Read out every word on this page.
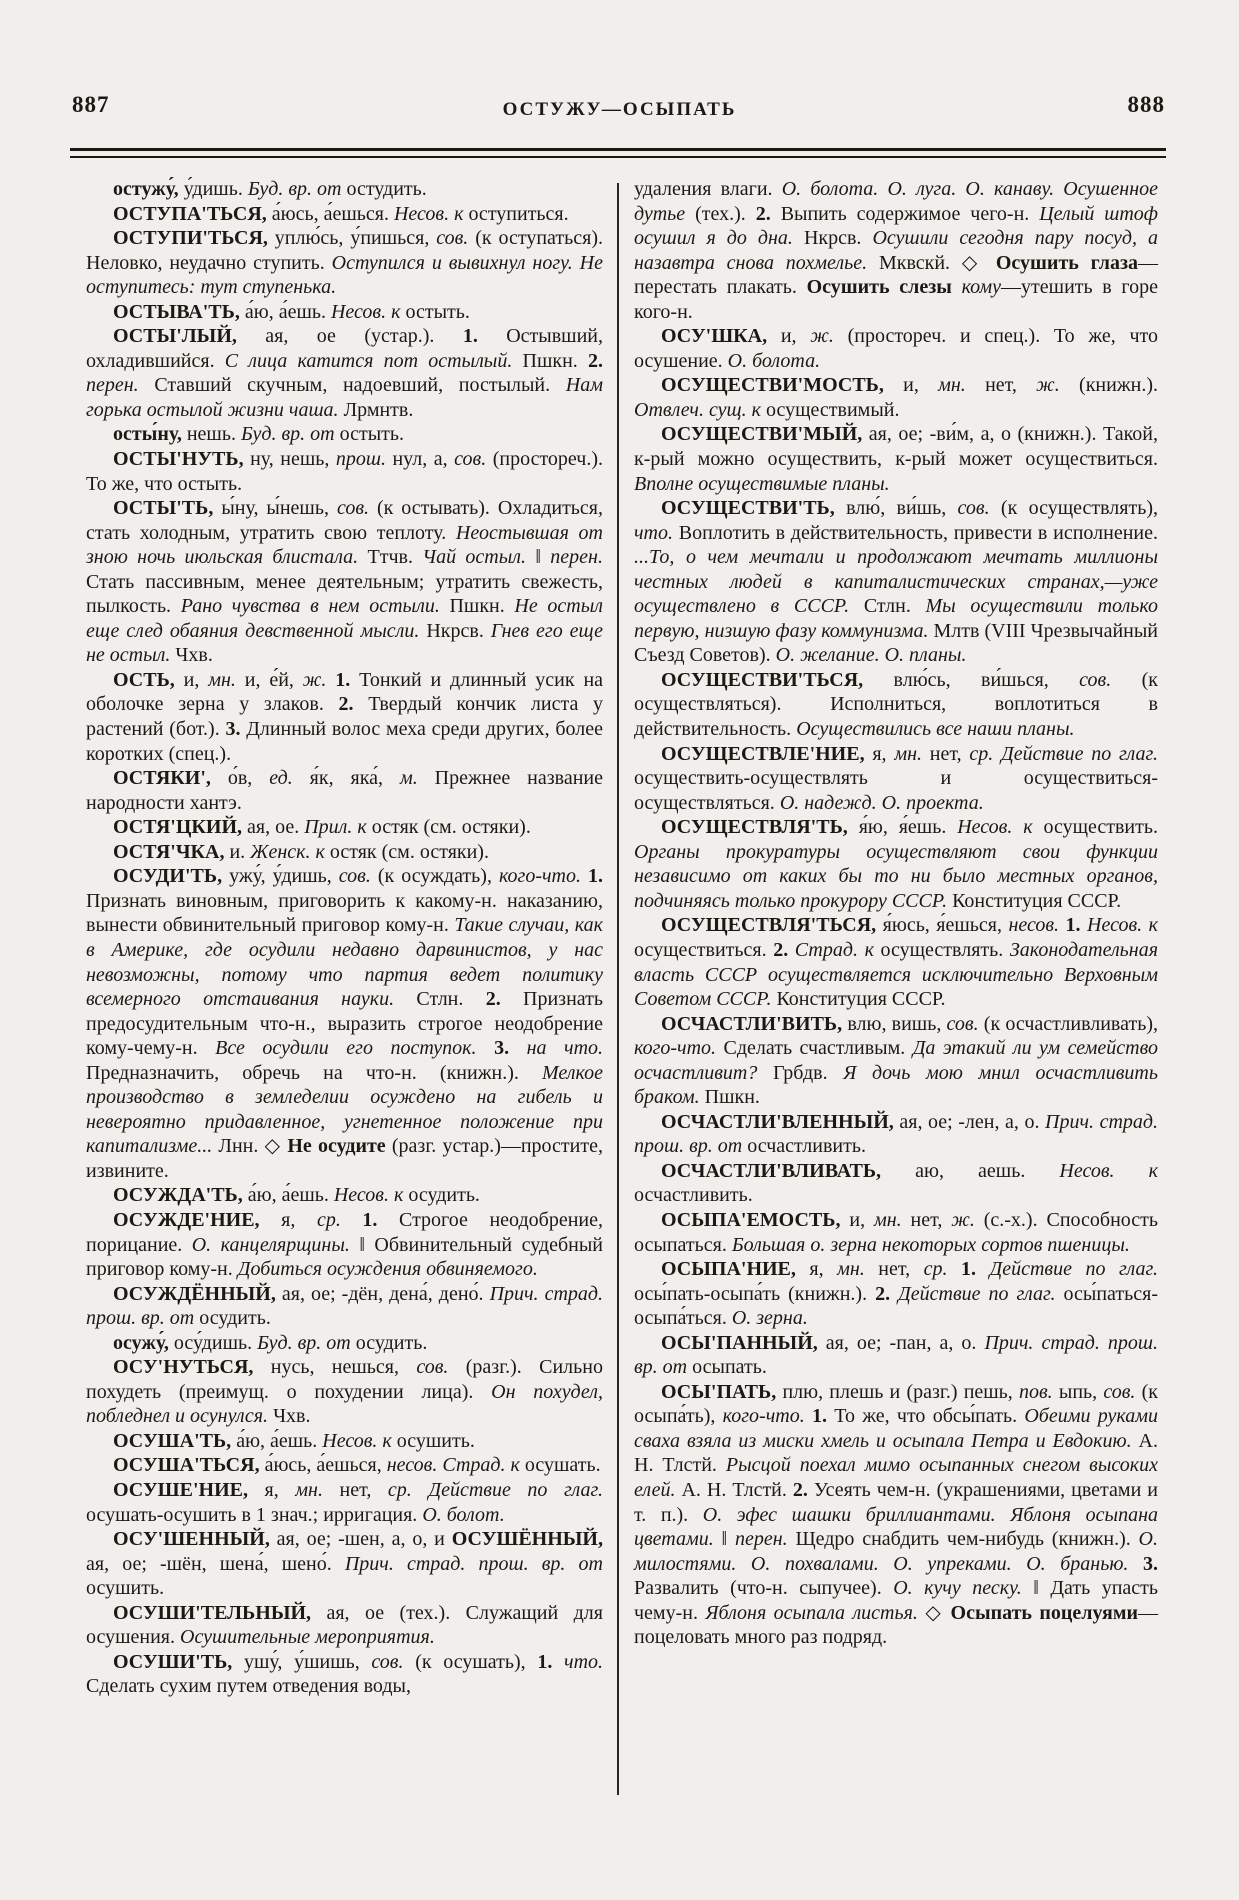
887	ОСТУЖУ—ОСЫПАТЬ	888

остужу́, у́дишь. Буд. вр. от остудить.

ОСТУПА'ТЬСЯ, а́юсь, а́ешься. Несов. к оступиться.

ОСТУПИ'ТЬСЯ, уплю́сь, у́пишься, сов. (к оступаться). Неловко, неудачно ступить. Оступился и вывихнул ногу. Не оступитесь: тут ступенька.

ОСТЫВА'ТЬ, а́ю, а́ешь. Несов. к остыть.

ОСТЫ'ЛЫЙ, ая, ое (устар.). 1. Остывший, охладившийся. С лица катится пот остылый. Пшкн. 2. перен. Ставший скучным, надоевший, постылый. Нам горька остылой жизни чаша. Лрмнтв.

осты́ну, нешь. Буд. вр. от остыть.

ОСТЫ'НУТЬ, ну, нешь, прош. нул, а, сов. (простореч.). То же, что остыть.

ОСТЫ'ТЬ, ы́ну, ы́нешь, сов. (к остывать). Охладиться, стать холодным, утратить свою теплоту. Неостывшая от зною ночь июльская блистала. Ттчв. Чай остыл. ‖ перен. Стать пассивным, менее деятельным; утратить свежесть, пылкость. Рано чувства в нем остыли. Пшкн. Не остыл еще след обаяния девственной мысли. Нкрсв. Гнев его еще не остыл. Чхв.

ОСТЬ, и, мн. и, е́й, ж. 1. Тонкий и длинный усик на оболочке зерна у злаков. 2. Твердый кончик листа у растений (бот.). 3. Длинный волос меха среди других, более коротких (спец.).

ОСТЯКИ', о́в, ед. я́к, яка́, м. Прежнее название народности хантэ.

ОСТЯ'ЦКИЙ, ая, ое. Прил. к остяк (см. остяки).

ОСТЯ'ЧКА, и. Женск. к остяк (см. остяки).

ОСУДИ'ТЬ, ужу́, у́дишь, сов. (к осуждать), кого-что. 1. Признать виновным, приговорить к какому-н. наказанию, вынести обвинительный приговор кому-н. Такие случаи, как в Америке, где осудили недавно дарвинистов, у нас невозможны, потому что партия ведет политику всемерного отстаивания науки. Стлн. 2. Признать предосудительным что-н., выразить строгое неодобрение кому-чему-н. Все осудили его поступок. 3. на что. Предназначить, обречь на что-н. (книжн.). Мелкое производство в земледелии осуждено на гибель и невероятно придавленное, угнетенное положение при капитализме... Лнн. ◇ Не осудите (разг. устар.)—простите, извините.

ОСУЖДА'ТЬ, а́ю, а́ешь. Несов. к осудить.

ОСУЖДЕ'НИЕ, я, ср. 1. Строгое неодобрение, порицание. О. канцелярщины. ‖ Обвинительный судебный приговор кому-н. Добиться осуждения обвиняемого.

ОСУЖДЁННЫЙ, ая, ое; -дён, дена́, дено́. Прич. страд. прош. вр. от осудить.

осужу́, осу́дишь. Буд. вр. от осудить.

ОСУ'НУТЬСЯ, нусь, нешься, сов. (разг.). Сильно похудеть (преимущ. о похудении лица). Он похудел, побледнел и осунулся. Чхв.

ОСУША'ТЬ, а́ю, а́ешь. Несов. к осушить.

ОСУША'ТЬСЯ, а́юсь, а́ешься, несов. Страд. к осушать.

ОСУШЕ'НИЕ, я, мн. нет, ср. Действие по глаг. осушать-осушить в 1 знач.; ирригация. О. болот.

ОСУ'ШЕННЫЙ, ая, ое; -шен, а, о, и ОСУШЁННЫЙ, ая, ое; -шён, шена́, шено́. Прич. страд. прош. вр. от осушить.

ОСУШИ'ТЕЛЬНЫЙ, ая, ое (тех.). Служащий для осушения. Осушительные мероприятия.

ОСУШИ'ТЬ, ушу́, у́шишь, сов. (к осушать), 1. что. Сделать сухим путем отведения воды,

удаления влаги. О. болота. О. луга. О. канаву. Осушенное дутье (тех.). 2. Выпить содержимое чего-н. Целый штоф осушил я до дна. Нкрсв. Осушили сегодня пару посуд, а назавтра снова похмелье. Мквскй. ◇ Осушить глаза—перестать плакать. Осушить слезы кому—утешить в горе кого-н.

ОСУ'ШКА, и, ж. (простореч. и спец.). То же, что осушение. О. болота.

ОСУЩЕСТВИ'МОСТЬ, и, мн. нет, ж. (книжн.). Отвлеч. сущ. к осуществимый.

ОСУЩЕСТВИ'МЫЙ, ая, ое; -ви́м, а, о (книжн.). Такой, к-рый можно осуществить, к-рый может осуществиться. Вполне осуществимые планы.

ОСУЩЕСТВИ'ТЬ, влю́, ви́шь, сов. (к осуществлять), что. Воплотить в действительность, привести в исполнение. ...То, о чем мечтали и продолжают мечтать миллионы честных людей в капиталистических странах,—уже осуществлено в СССР. Стлн. Мы осуществили только первую, низшую фазу коммунизма. Млтв (VIII Чрезвычайный Съезд Советов). О. желание. О. планы.

ОСУЩЕСТВИ'ТЬСЯ, влю́сь, ви́шься, сов. (к осуществляться). Исполниться, воплотиться в действительность. Осуществились все наши планы.

ОСУЩЕСТВЛЕ'НИЕ, я, мн. нет, ср. Действие по глаг. осуществить-осуществлять и осуществиться-осуществляться. О. надежд. О. проекта.

ОСУЩЕСТВЛЯ'ТЬ, я́ю, я́ешь. Несов. к осуществить. Органы прокуратуры осуществляют свои функции независимо от каких бы то ни было местных органов, подчиняясь только прокурору СССР. Конституция СССР.

ОСУЩЕСТВЛЯ'ТЬСЯ, я́юсь, я́ешься, несов. 1. Несов. к осуществиться. 2. Страд. к осуществлять. Законодательная власть СССР осуществляется исключительно Верховным Советом СССР. Конституция СССР.

ОСЧАСТЛИ'ВИТЬ, влю, вишь, сов. (к осчастливливать), кого-что. Сделать счастливым. Да этакий ли ум семейство осчастливит? Грбдв. Я дочь мою мнил осчастливить браком. Пшкн.

ОСЧАСТЛИ'ВЛЕННЫЙ, ая, ое; -лен, а, о. Прич. страд. прош. вр. от осчастливить.

ОСЧАСТЛИ'ВЛИВАТЬ, аю, аешь. Несов. к осчастливить.

ОСЫПА'ЕМОСТЬ, и, мн. нет, ж. (с.-х.). Способность осыпаться. Большая о. зерна некоторых сортов пшеницы.

ОСЫПА'НИЕ, я, мн. нет, ср. 1. Действие по глаг. осы́пать-осыпа́ть (книжн.). 2. Действие по глаг. осы́паться-осыпа́ться. О. зерна.

ОСЫ'ПАННЫЙ, ая, ое; -пан, а, о. Прич. страд. прош. вр. от осыпать.

ОСЫ'ПАТЬ, плю, плешь и (разг.) пешь, пов. ыпь, сов. (к осыпа́ть), кого-что. 1. То же, что обсы́пать. Обеими руками сваха взяла из миски хмель и осыпала Петра и Евдокию. А. Н. Тлстй. Рысцой поехал мимо осыпанных снегом высоких елей. А. Н. Тлстй. 2. Усеять чем-н. (украшениями, цветами и т. п.). О. эфес шашки бриллиантами. Яблоня осыпана цветами. ‖ перен. Щедро снабдить чем-нибудь (книжн.). О. милостями. О. похвалами. О. упреками. О. бранью. 3. Развалить (что-н. сыпучее). О. кучу песку. ‖ Дать упасть чему-н. Яблоня осыпала листья. ◇ Осыпать поцелуями—поцеловать много раз подряд.
